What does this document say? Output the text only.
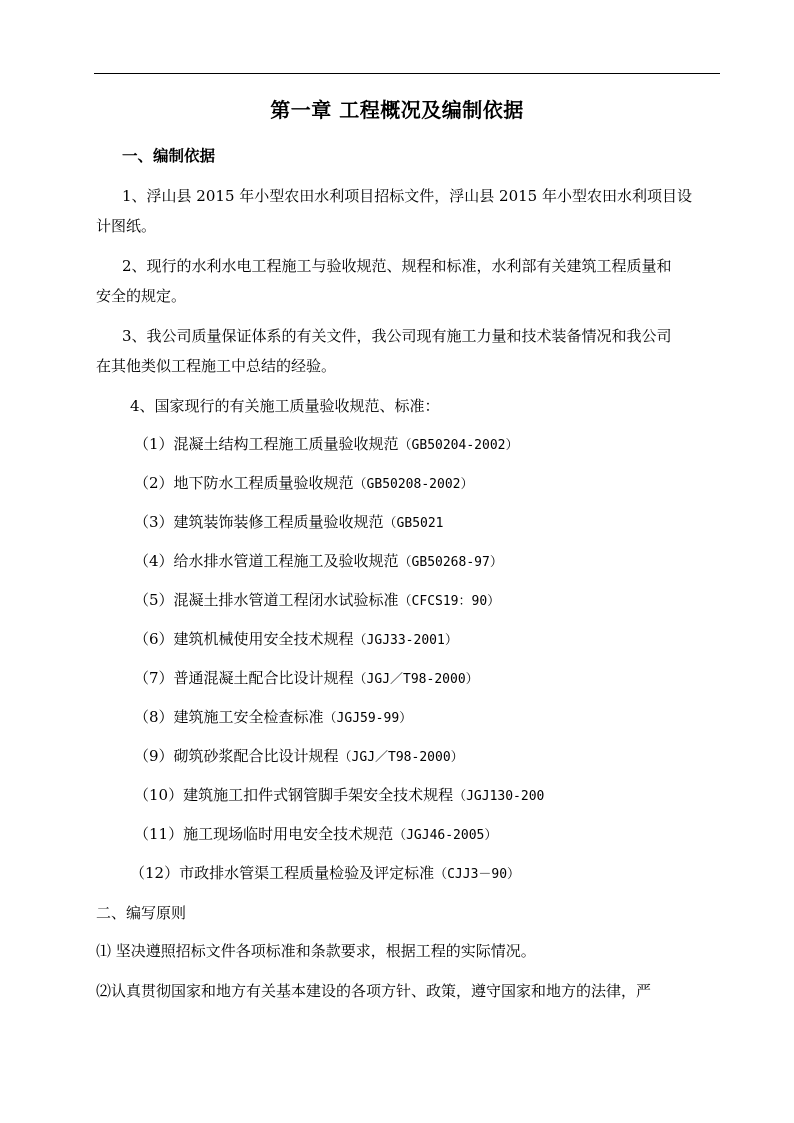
第一章 工程概况及编制依据
一、编制依据
1、浮山县 2015 年小型农田水利项目招标文件，浮山县 2015 年小型农田水利项目设
计图纸。
2、现行的水利水电工程施工与验收规范、规程和标准，水利部有关建筑工程质量和
安全的规定。
3、我公司质量保证体系的有关文件，我公司现有施工力量和技术装备情况和我公司
在其他类似工程施工中总结的经验。
4、国家现行的有关施工质量验收规范、标准：
（1）混凝土结构工程施工质量验收规范（GB50204-2002）
（2）地下防水工程质量验收规范（GB50208-2002）
（3）建筑装饰装修工程质量验收规范（GB5021
（4）给水排水管道工程施工及验收规范（GB50268-97）
（5）混凝土排水管道工程闭水试验标准（CFCS19：90）
（6）建筑机械使用安全技术规程（JGJ33-2001）
（7）普通混凝土配合比设计规程（JGJ／T98-2000）
（8）建筑施工安全检查标准（JGJ59-99）
（9）砌筑砂浆配合比设计规程（JGJ／T98-2000）
（10）建筑施工扣件式钢管脚手架安全技术规程（JGJ130-200
（11）施工现场临时用电安全技术规范（JGJ46-2005）
（12）市政排水管渠工程质量检验及评定标准（CJJ3－90）
二、编写原则
⑴ 坚决遵照招标文件各项标准和条款要求，根据工程的实际情况。
⑵认真贯彻国家和地方有关基本建设的各项方针、政策，遵守国家和地方的法律，严
